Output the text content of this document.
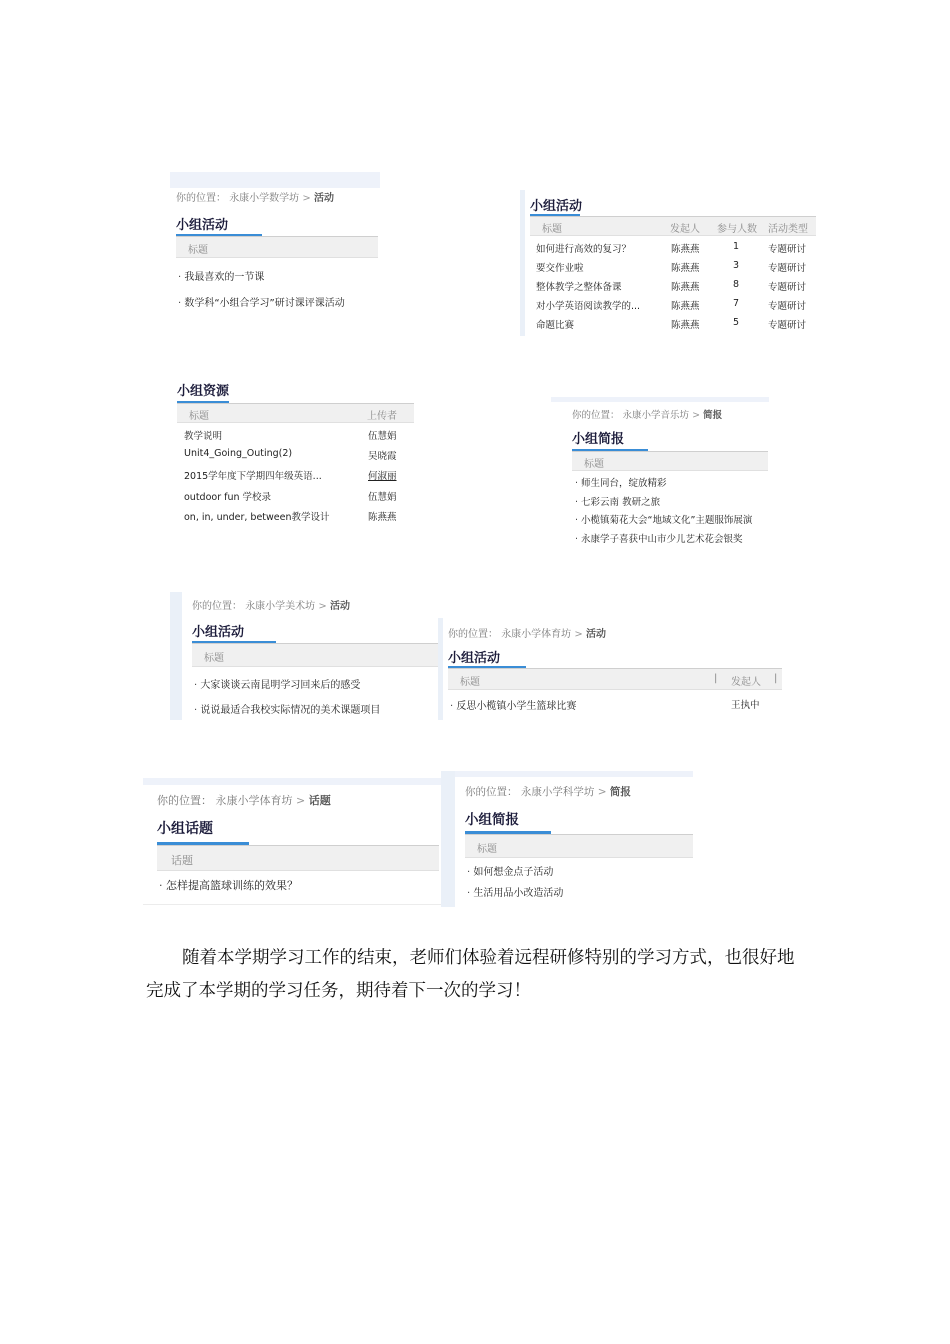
你的位置： 永康小学数学坊 > 活动
小组活动
标题
· 我最喜欢的一节课
· 数学科“小组合学习”研讨课评课活动
小组活动
标题	发起人 参与人数 活动类型
如何进行高效的复习？	陈燕燕	1	专题研讨
要交作业啦	陈燕燕	3	专题研讨
整体教学之整体备课	陈燕燕	8	专题研讨
对小学英语阅读教学的...	陈燕燕	7	专题研讨
命题比赛	陈燕燕	5	专题研讨
小组资源
标题	上传者
教学说明	伍慧娟
Unit4_Going_Outing(2)	吴晓霞
2015学年度下学期四年级英语...	何淑丽
outdoor fun 学校录	伍慧娟
on, in, under, between教学设计	陈燕燕
你的位置： 永康小学音乐坊 > 简报
小组简报
标题
· 师生同台，绽放精彩
· 七彩云南 教研之旅
· 小榄镇菊花大会“地域文化”主题服饰展演
· 永康学子喜获中山市少儿艺术花会银奖
你的位置： 永康小学美术坊 > 活动
小组活动
标题
· 大家谈谈云南昆明学习回来后的感受
· 说说最适合我校实际情况的美术课题项目
你的位置： 永康小学体育坊 > 活动
小组活动
标题	| 发起人 |
· 反思小榄镇小学生篮球比赛	王执中
你的位置： 永康小学体育坊 > 话题
小组话题
话题
· 怎样提高篮球训练的效果？
你的位置： 永康小学科学坊 > 简报
小组简报
标题
· 如何想金点子活动
· 生活用品小改造活动

随着本学期学习工作的结束，老师们体验着远程研修特别的学习方式，也很好地完成了本学期的学习任务，期待着下一次的学习！
